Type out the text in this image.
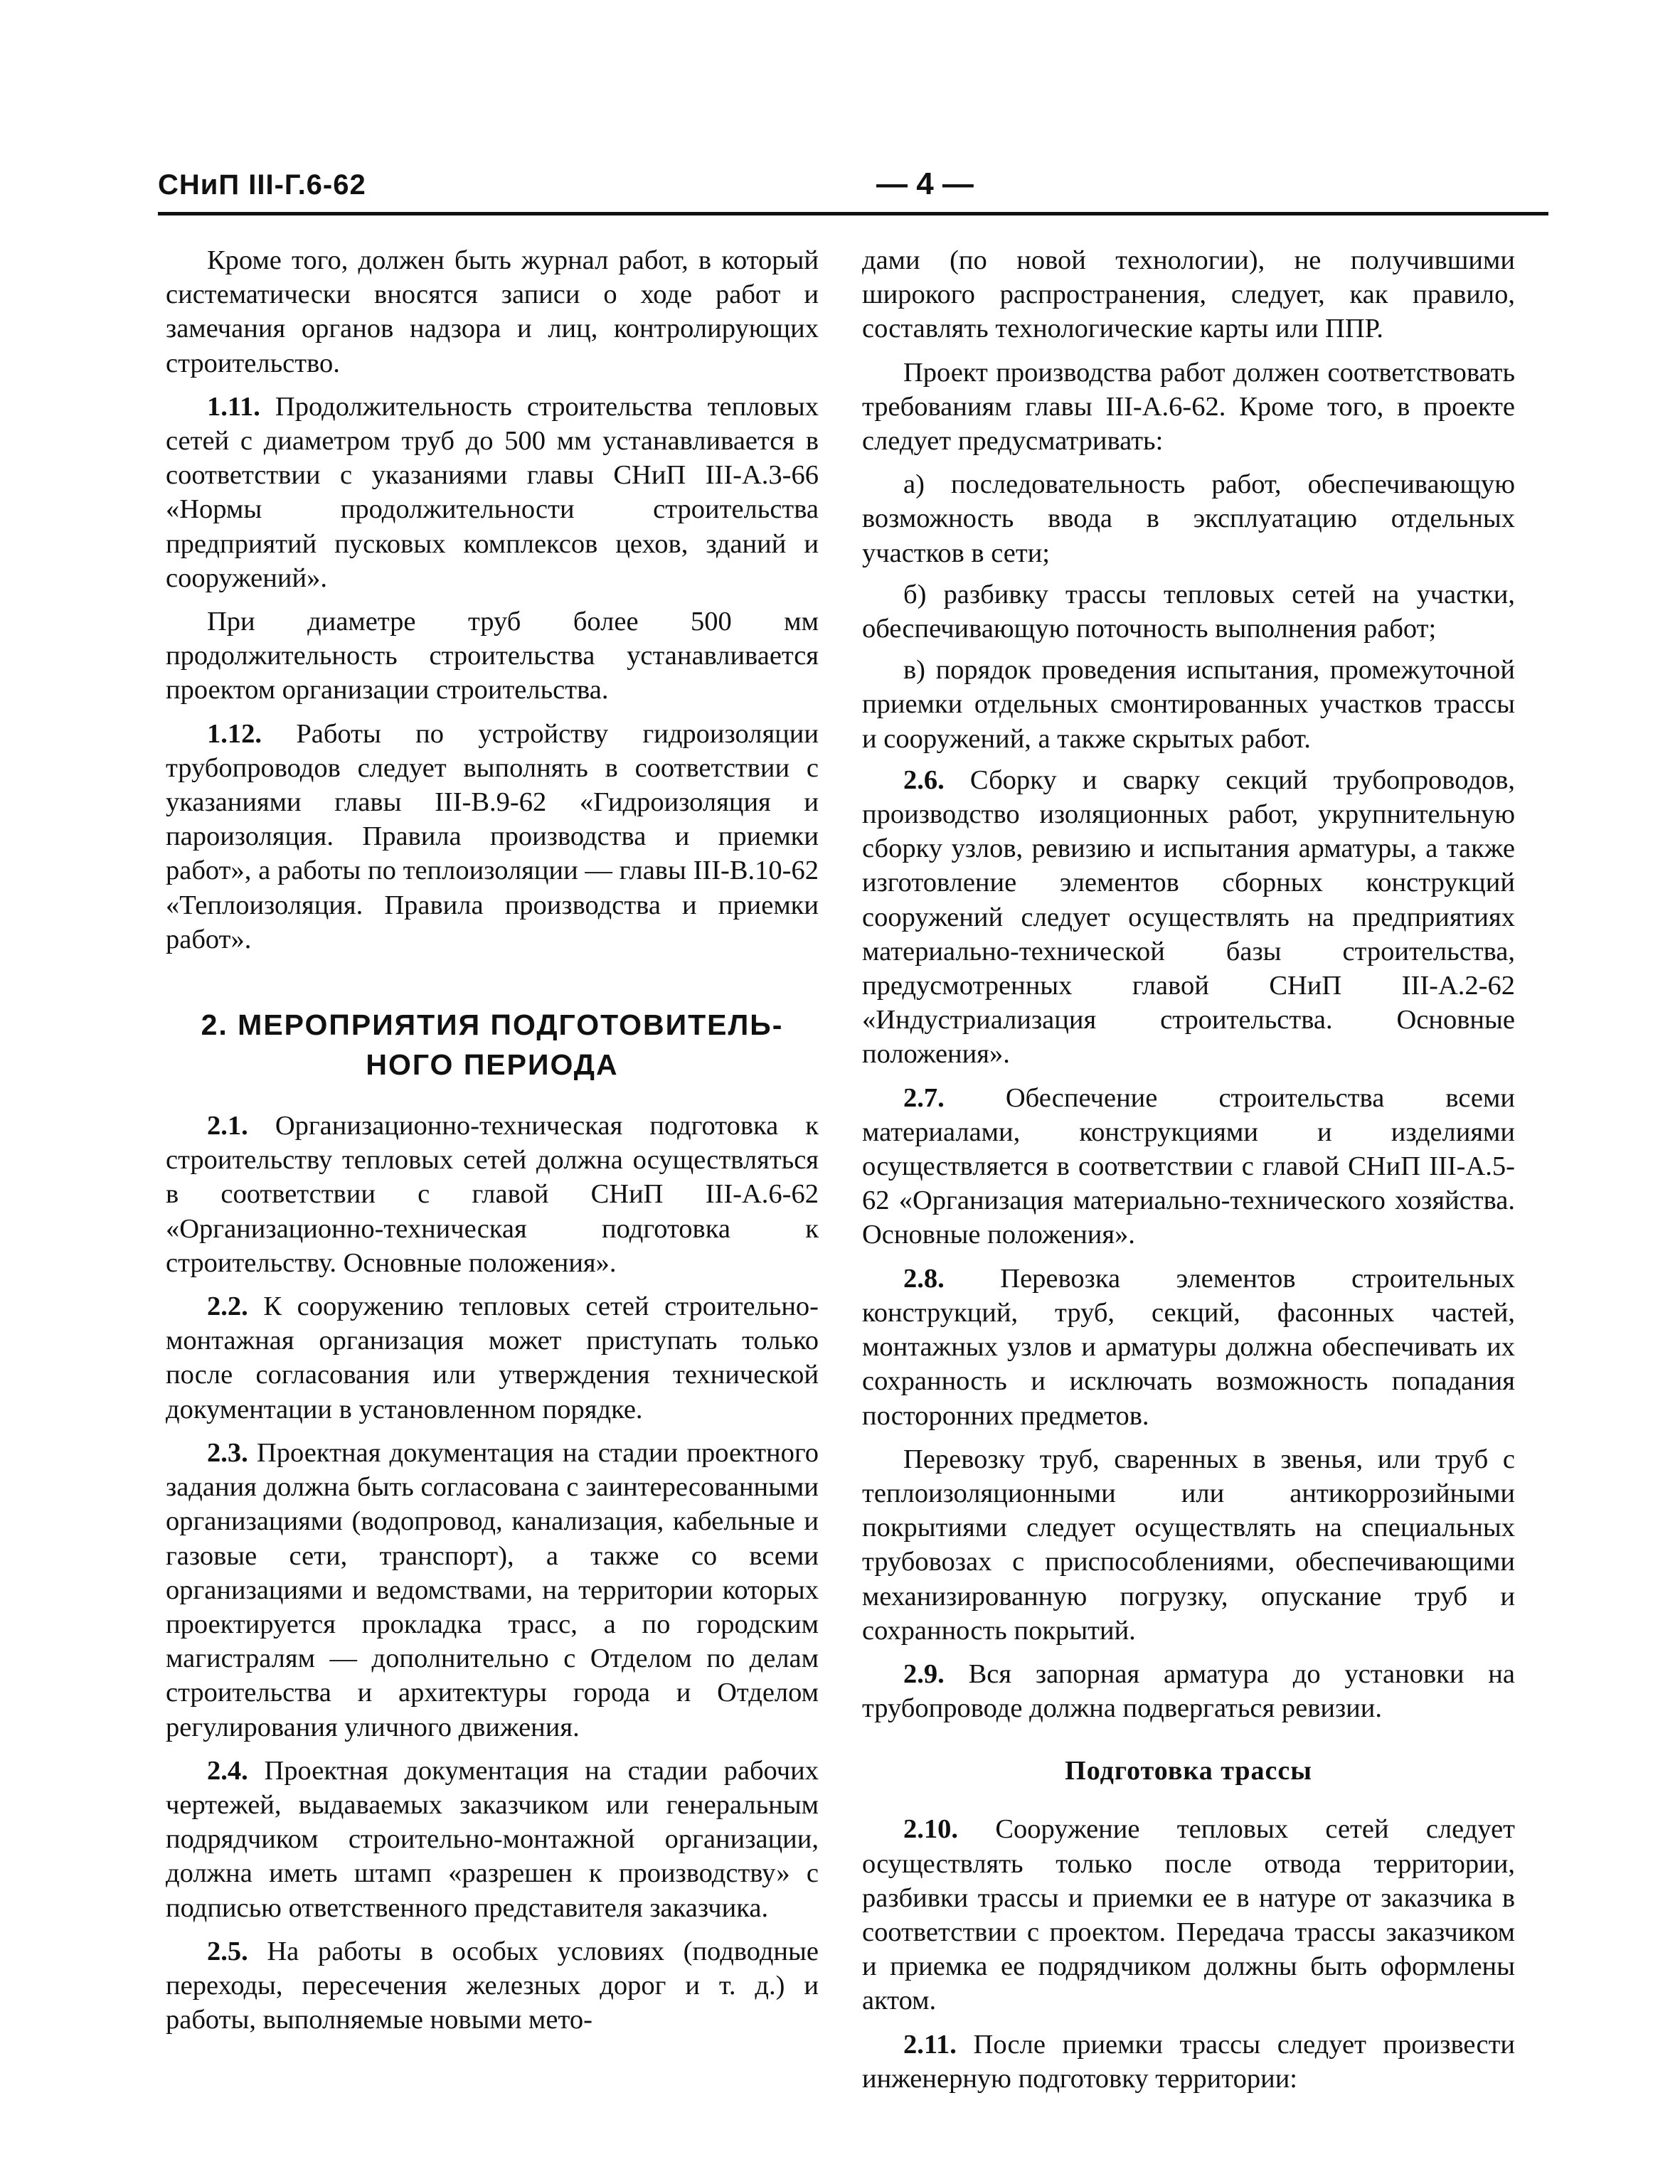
СНиП III-Г.6-62	— 4 —

Кроме того, должен быть журнал работ, в который систематически вносятся записи о ходе работ и замечания органов надзора и лиц, контролирующих строительство.

1.11. Продолжительность строительства тепловых сетей с диаметром труб до 500 мм устанавливается в соответствии с указаниями главы СНиП III-А.3-66 «Нормы продолжительности строительства предприятий пусковых комплексов цехов, зданий и сооружений».

При диаметре труб более 500 мм продолжительность строительства устанавливается проектом организации строительства.

1.12. Работы по устройству гидроизоляции трубопроводов следует выполнять в соответствии с указаниями главы III-В.9-62 «Гидроизоляция и пароизоляция. Правила производства и приемки работ», а работы по теплоизоляции — главы III-В.10-62 «Теплоизоляция. Правила производства и приемки работ».

2. МЕРОПРИЯТИЯ ПОДГОТОВИТЕЛЬ-НОГО ПЕРИОДА

2.1. Организационно-техническая подготовка к строительству тепловых сетей должна осуществляться в соответствии с главой СНиП III-А.6-62 «Организационно-техническая подготовка к строительству. Основные положения».

2.2. К сооружению тепловых сетей строительно-монтажная организация может приступать только после согласования или утверждения технической документации в установленном порядке.

2.3. Проектная документация на стадии проектного задания должна быть согласована с заинтересованными организациями (водопровод, канализация, кабельные и газовые сети, транспорт), а также со всеми организациями и ведомствами, на территории которых проектируется прокладка трасс, а по городским магистралям — дополнительно с Отделом по делам строительства и архитектуры города и Отделом регулирования уличного движения.

2.4. Проектная документация на стадии рабочих чертежей, выдаваемых заказчиком или генеральным подрядчиком строительно-монтажной организации, должна иметь штамп «разрешен к производству» с подписью ответственного представителя заказчика.

2.5. На работы в особых условиях (подводные переходы, пересечения железных дорог и т. д.) и работы, выполняемые новыми мето-

дами (по новой технологии), не получившими широкого распространения, следует, как правило, составлять технологические карты или ППР.

Проект производства работ должен соответствовать требованиям главы III-А.6-62. Кроме того, в проекте следует предусматривать:

а) последовательность работ, обеспечивающую возможность ввода в эксплуатацию отдельных участков в сети;

б) разбивку трассы тепловых сетей на участки, обеспечивающую поточность выполнения работ;

в) порядок проведения испытания, промежуточной приемки отдельных смонтированных участков трассы и сооружений, а также скрытых работ.

2.6. Сборку и сварку секций трубопроводов, производство изоляционных работ, укрупнительную сборку узлов, ревизию и испытания арматуры, а также изготовление элементов сборных конструкций сооружений следует осуществлять на предприятиях материально-технической базы строительства, предусмотренных главой СНиП III-А.2-62 «Индустриализация строительства. Основные положения».

2.7. Обеспечение строительства всеми материалами, конструкциями и изделиями осуществляется в соответствии с главой СНиП III-А.5-62 «Организация материально-технического хозяйства. Основные положения».

2.8. Перевозка элементов строительных конструкций, труб, секций, фасонных частей, монтажных узлов и арматуры должна обеспечивать их сохранность и исключать возможность попадания посторонних предметов.

Перевозку труб, сваренных в звенья, или труб с теплоизоляционными или антикоррозийными покрытиями следует осуществлять на специальных трубовозах с приспособлениями, обеспечивающими механизированную погрузку, опускание труб и сохранность покрытий.

2.9. Вся запорная арматура до установки на трубопроводе должна подвергаться ревизии.

Подготовка трассы

2.10. Сооружение тепловых сетей следует осуществлять только после отвода территории, разбивки трассы и приемки ее в натуре от заказчика в соответствии с проектом. Передача трассы заказчиком и приемка ее подрядчиком должны быть оформлены актом.

2.11. После приемки трассы следует произвести инженерную подготовку территории:
